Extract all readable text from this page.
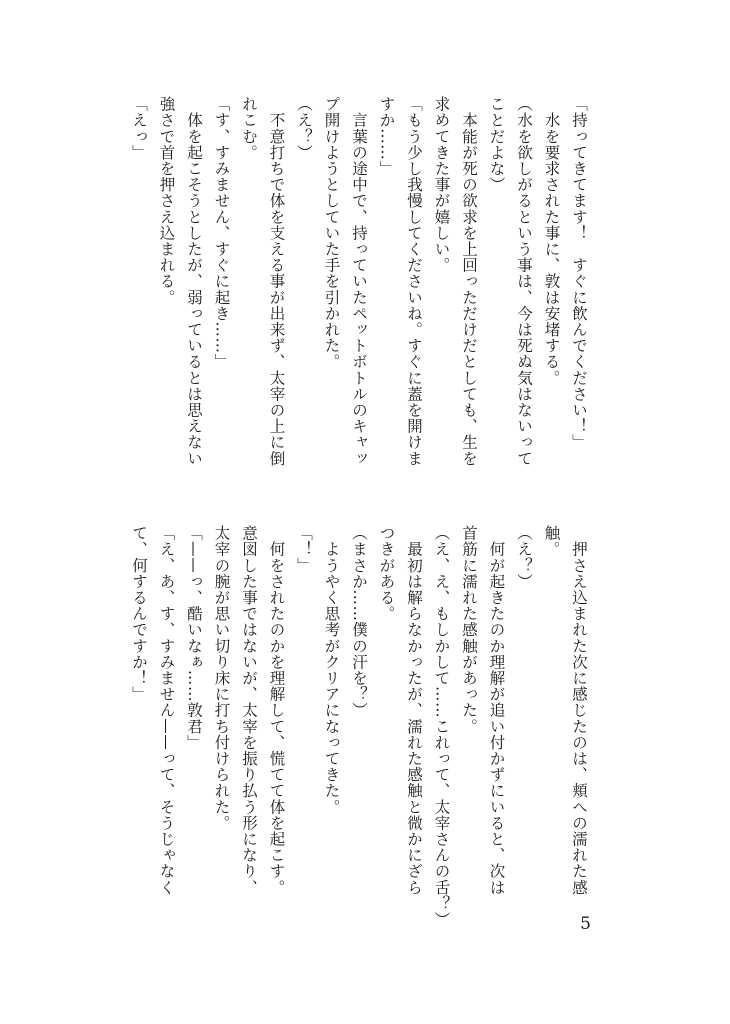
「持ってきてます！　すぐに飲んでください！」
　水を要求された事に、敦は安堵する。
（水を欲しがるという事は、今は死ぬ気はないって
ことだよな）
　本能が死の欲求を上回っただけだとしても、生を
求めてきた事が嬉しい。
「もう少し我慢してくださいね。すぐに蓋を開けま
すか……」
　言葉の途中で、持っていたペットボトルのキャッ
プ開けようとしていた手を引かれた。
（え？）
　不意打ちで体を支える事が出来ず、太宰の上に倒
れこむ。
「す、すみません、すぐに起き……」
　体を起こそうとしたが、弱っているとは思えない
強さで首を押さえ込まれる。
「えっ」
　押さえ込まれた次に感じたのは、頬への濡れた感
触。
（え？）
　何が起きたのか理解が追い付かずにいると、次は
首筋に濡れた感触があった。
（え、え、もしかして……これって、太宰さんの舌？）
　最初は解らなかったが、濡れた感触と微かにざら
つきがある。
（まさか……僕の汗を？）
　ようやく思考がクリアになってきた。
「！」
　何をされたのかを理解して、慌てて体を起こす。
意図した事ではないが、太宰を振り払う形になり、
太宰の腕が思い切り床に打ち付けられた。
「——っ、酷いなぁ……敦君」
「え、あ、す、すみません——って、そうじゃなく
て、何するんですか！」
5
